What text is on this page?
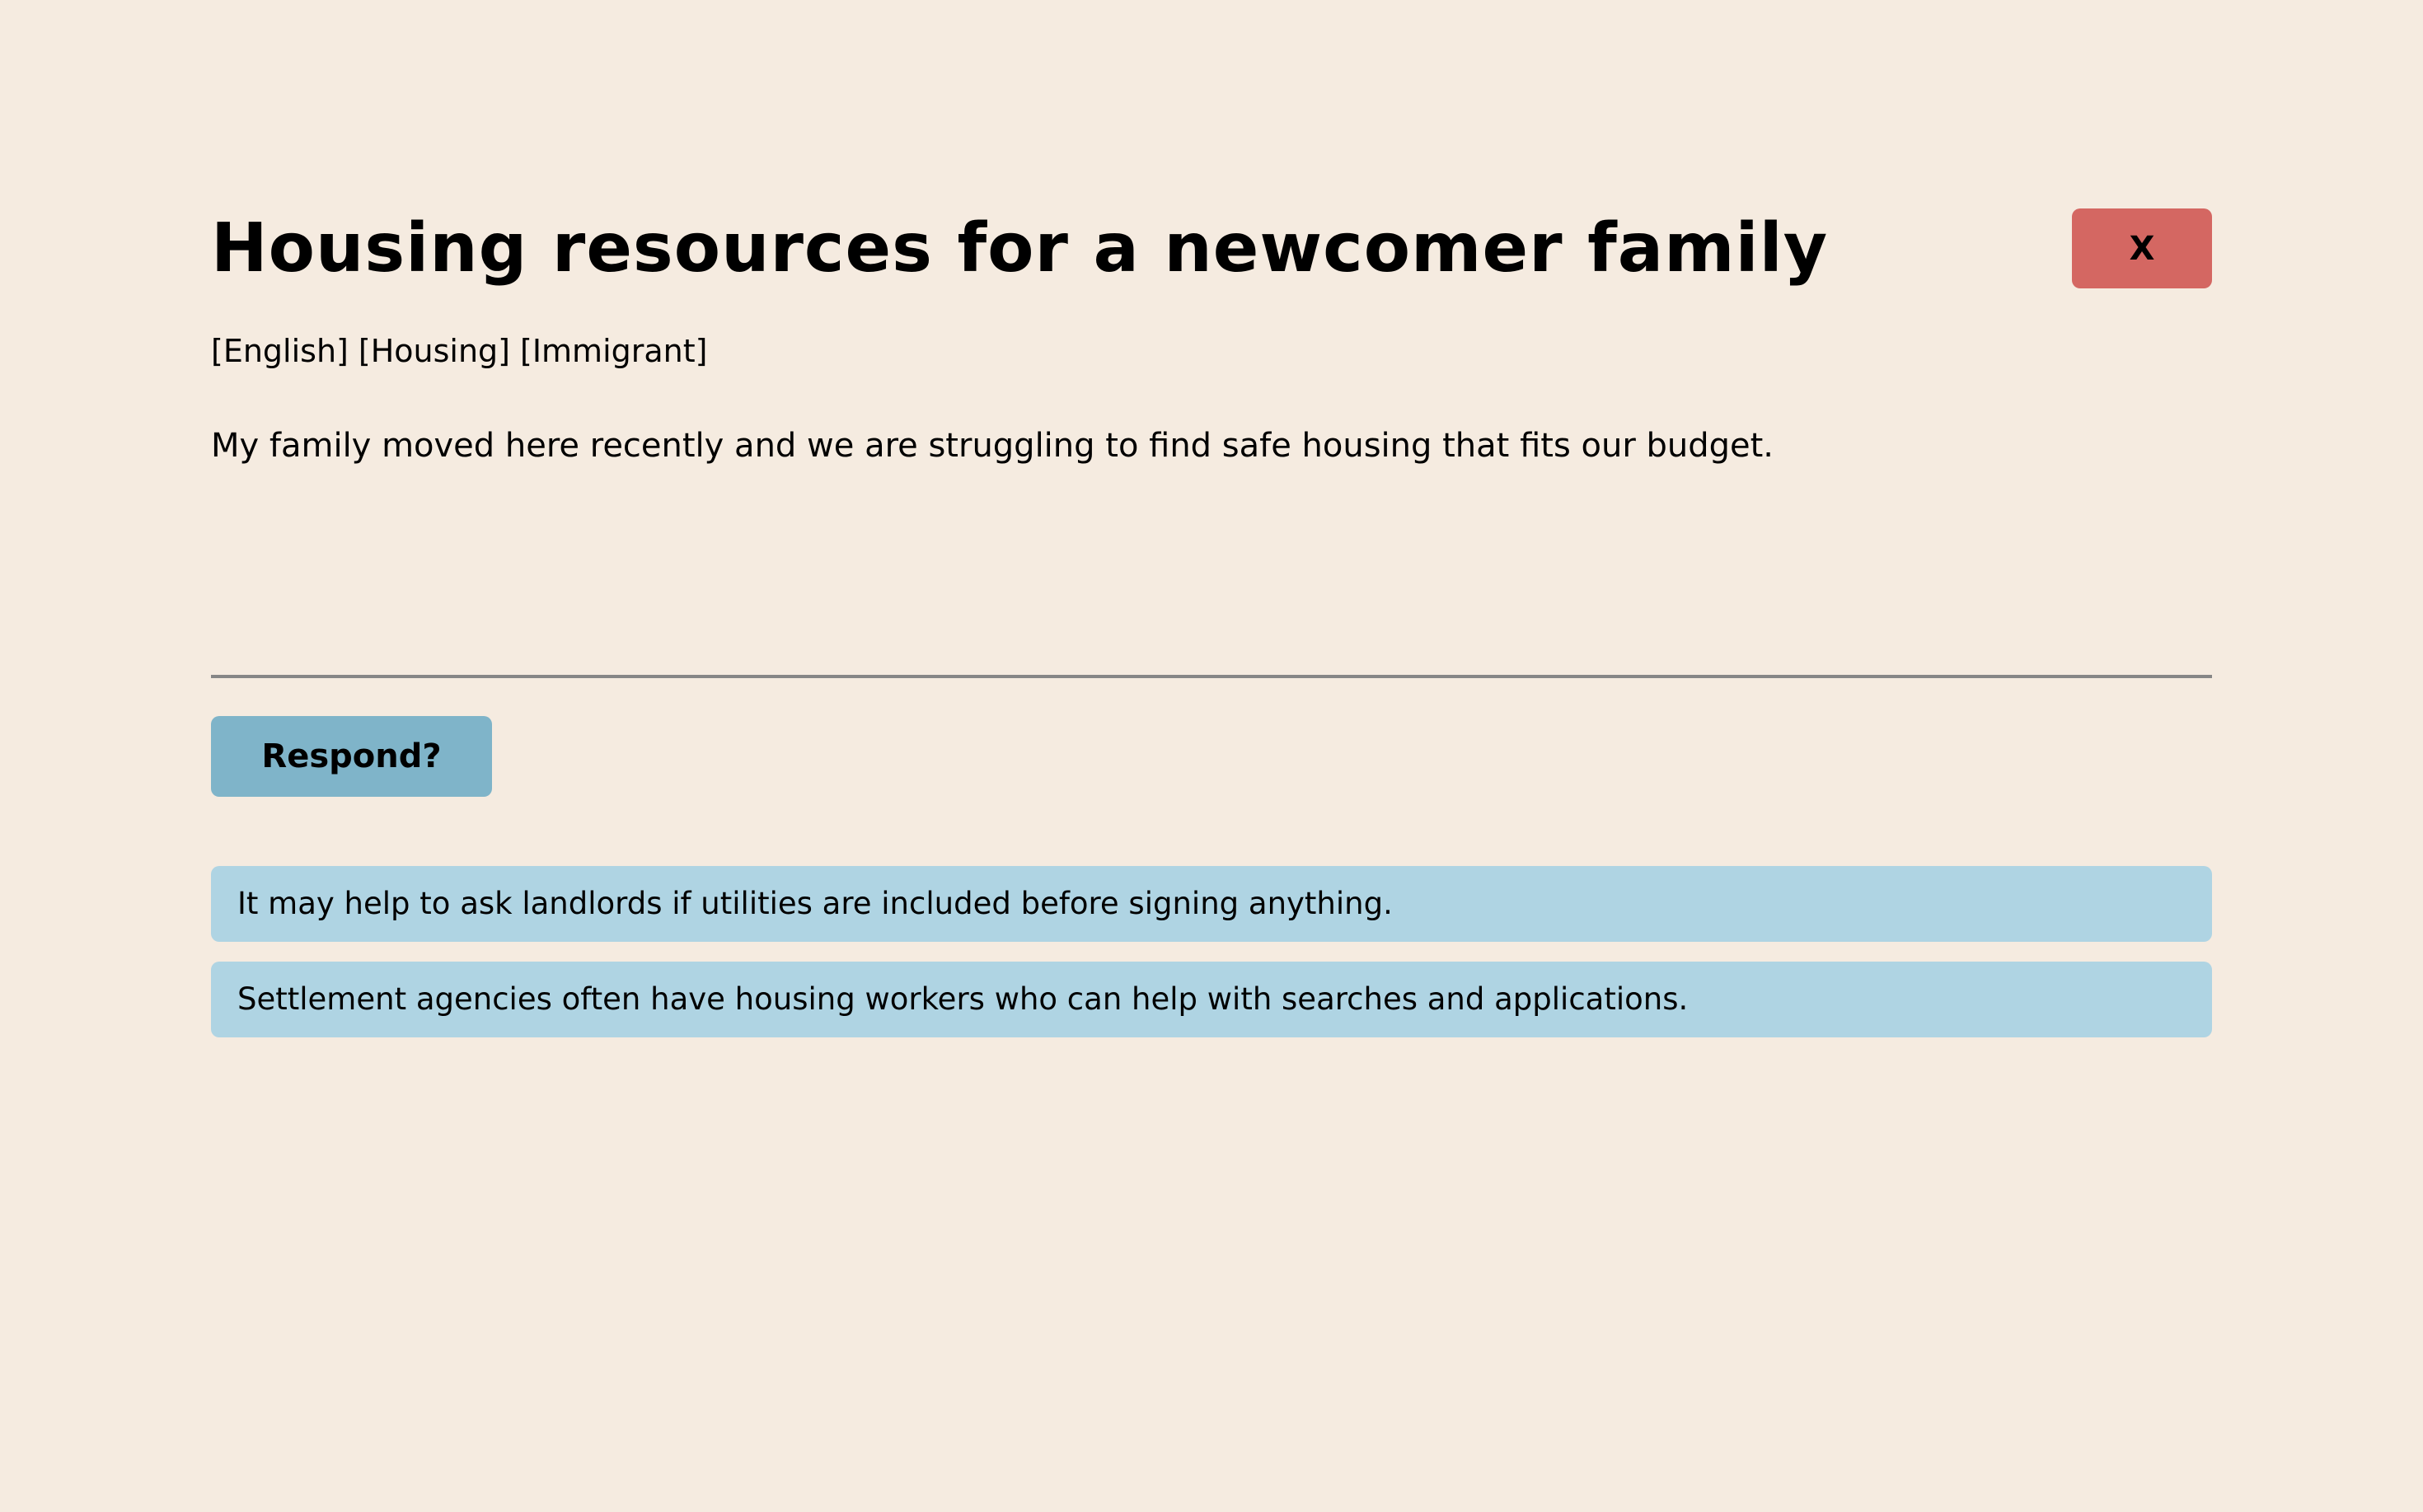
Housing resources for a newcomer family	X
[English] [Housing] [Immigrant]

My family moved here recently and we are struggling to find safe housing that fits our budget.

Respond?
It may help to ask landlords if utilities are included before signing anything.
Settlement agencies often have housing workers who can help with searches and applications.
